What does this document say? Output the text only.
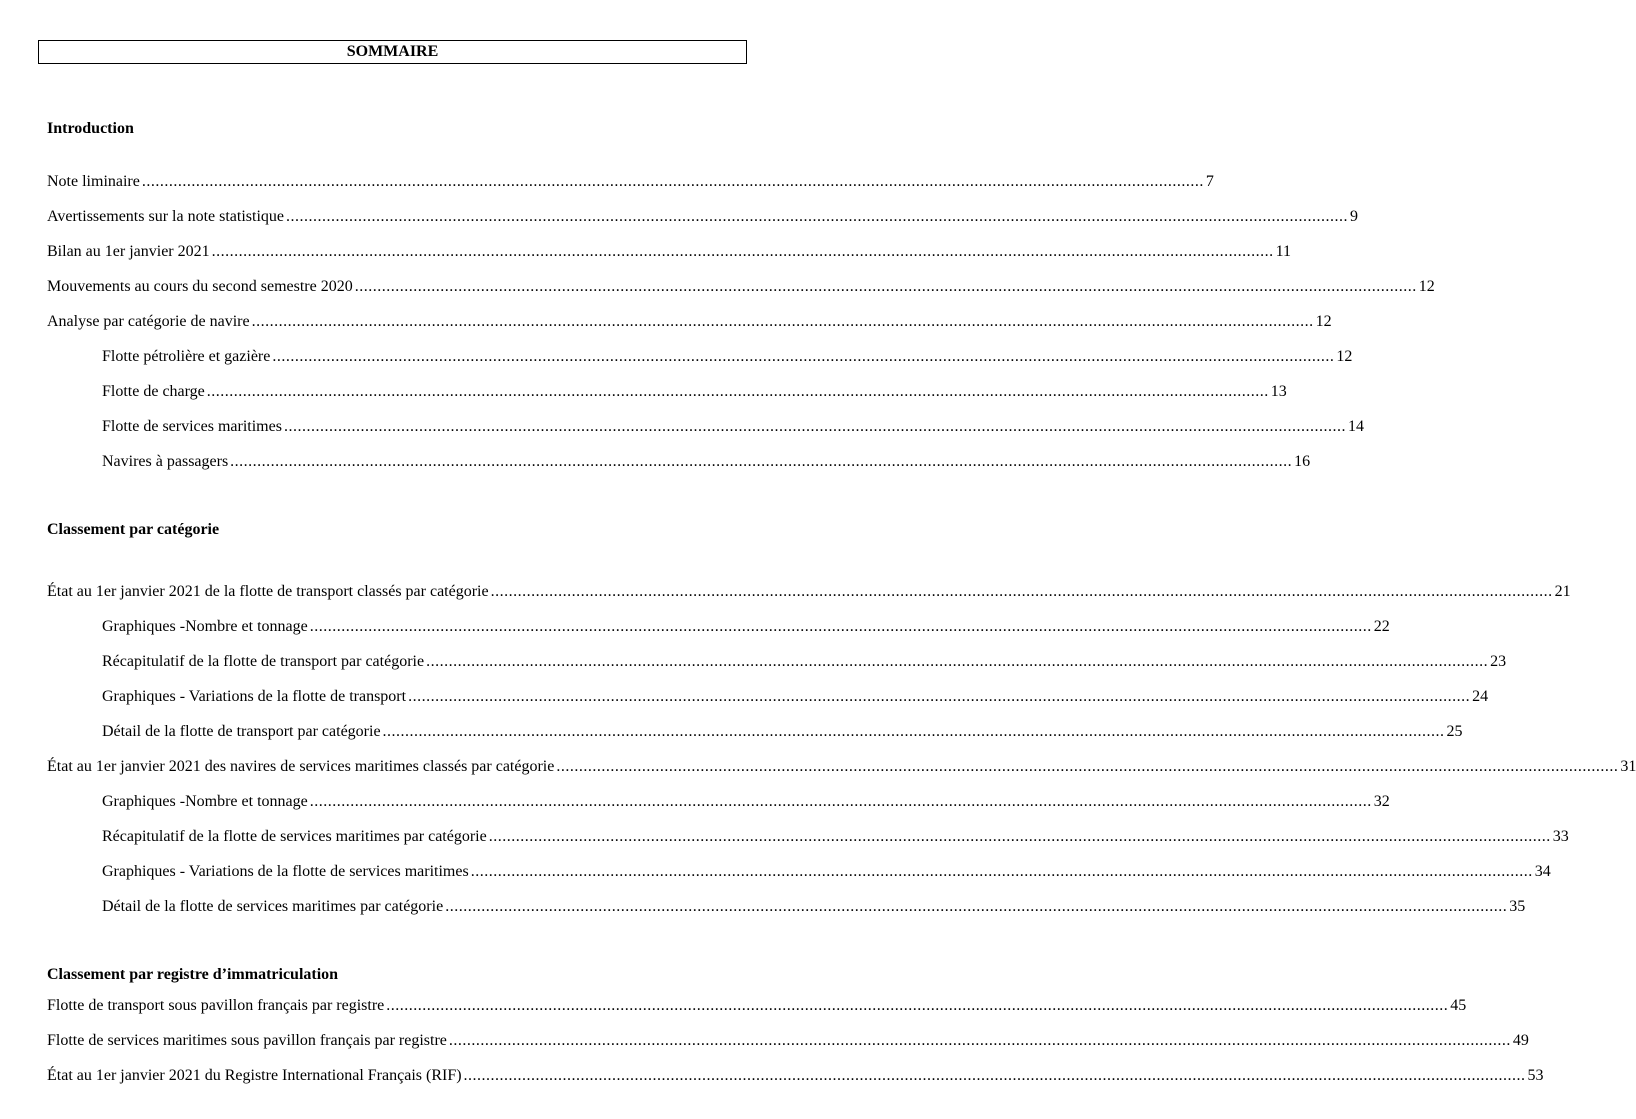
SOMMAIRE
Introduction
Note liminaire ............................................................................................................................................................................................................................................ 7
Avertissements sur la note statistique ............................................................................................................................................................................................................................................ 9
Bilan au 1er janvier 2021 ............................................................................................................................................................................................................................................ 11
Mouvements au cours du second semestre 2020 ............................................................................................................................................................................................................................................ 12
Analyse par catégorie de navire ............................................................................................................................................................................................................................................ 12
Flotte pétrolière et gazière ............................................................................................................................................................................................................................................ 12
Flotte de charge ............................................................................................................................................................................................................................................ 13
Flotte de services maritimes ............................................................................................................................................................................................................................................ 14
Navires à passagers ............................................................................................................................................................................................................................................ 16
Classement par catégorie
État au 1er janvier 2021 de la flotte de transport classés par catégorie ............................................................................................................................................................................................................................................ 21
Graphiques -Nombre et tonnage ............................................................................................................................................................................................................................................ 22
Récapitulatif de la flotte de transport par catégorie ............................................................................................................................................................................................................................................ 23
Graphiques - Variations de la flotte de transport ............................................................................................................................................................................................................................................ 24
Détail de la flotte de transport par catégorie ............................................................................................................................................................................................................................................ 25
État au 1er janvier 2021 des navires de services maritimes classés par catégorie ............................................................................................................................................................................................................................................ 31
Graphiques -Nombre et tonnage ............................................................................................................................................................................................................................................ 32
Récapitulatif de la flotte de services maritimes par catégorie ............................................................................................................................................................................................................................................ 33
Graphiques - Variations de la flotte de services maritimes ............................................................................................................................................................................................................................................ 34
Détail de la flotte de services maritimes par catégorie ............................................................................................................................................................................................................................................ 35
Classement par registre d’immatriculation
Flotte de transport sous pavillon français par registre ............................................................................................................................................................................................................................................ 45
Flotte de services maritimes sous pavillon français par registre ............................................................................................................................................................................................................................................ 49
État au 1er janvier 2021 du Registre International Français (RIF) ............................................................................................................................................................................................................................................ 53
